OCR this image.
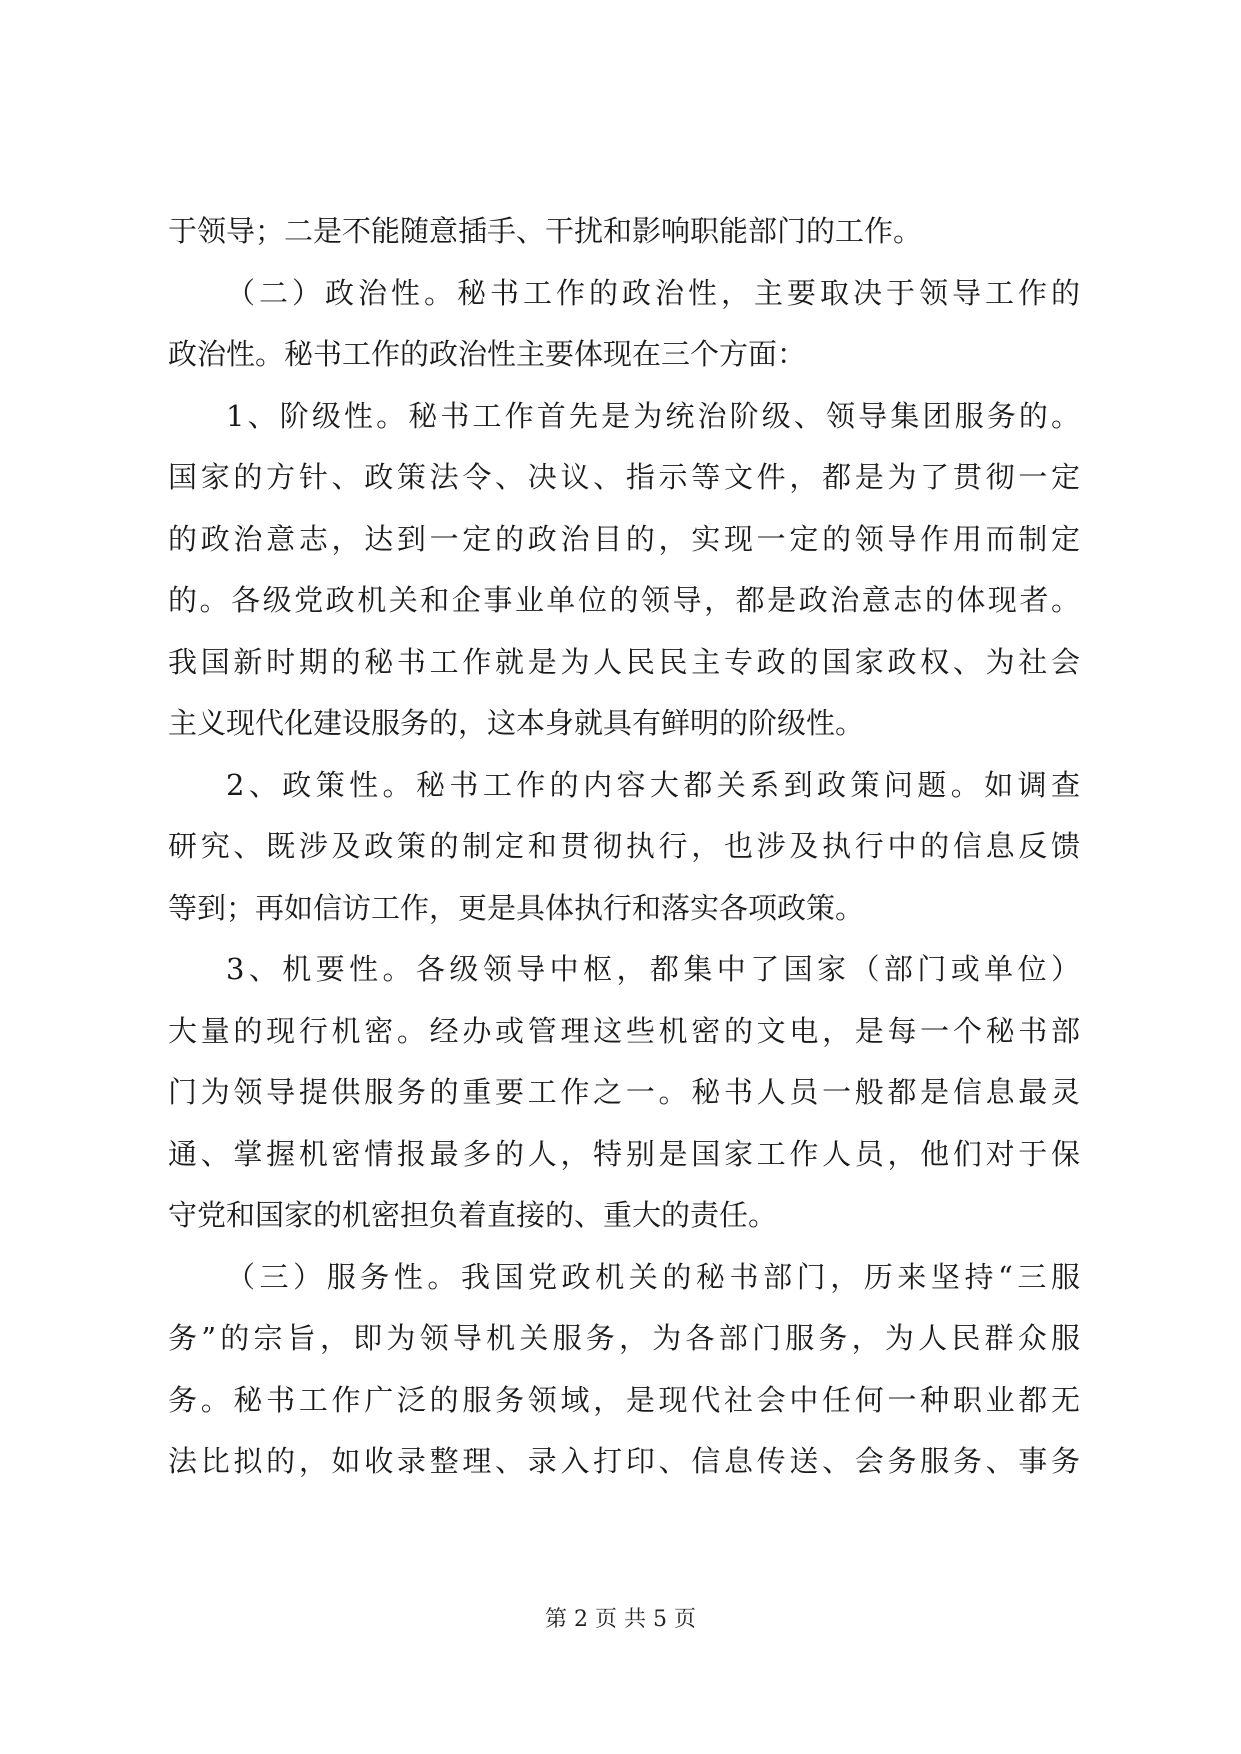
于领导；二是不能随意插手、干扰和影响职能部门的工作。
（二）政治性。秘书工作的政治性，主要取决于领导工作的
政治性。秘书工作的政治性主要体现在三个方面：
1、阶级性。秘书工作首先是为统治阶级、领导集团服务的。
国家的方针、政策法令、决议、指示等文件，都是为了贯彻一定
的政治意志，达到一定的政治目的，实现一定的领导作用而制定
的。各级党政机关和企事业单位的领导，都是政治意志的体现者。
我国新时期的秘书工作就是为人民民主专政的国家政权、为社会
主义现代化建设服务的，这本身就具有鲜明的阶级性。
2、政策性。秘书工作的内容大都关系到政策问题。如调查
研究、既涉及政策的制定和贯彻执行，也涉及执行中的信息反馈
等到；再如信访工作，更是具体执行和落实各项政策。
3、机要性。各级领导中枢，都集中了国家（部门或单位）
大量的现行机密。经办或管理这些机密的文电，是每一个秘书部
门为领导提供服务的重要工作之一。秘书人员一般都是信息最灵
通、掌握机密情报最多的人，特别是国家工作人员，他们对于保
守党和国家的机密担负着直接的、重大的责任。
（三）服务性。我国党政机关的秘书部门，历来坚持“三服
务”的宗旨，即为领导机关服务，为各部门服务，为人民群众服
务。秘书工作广泛的服务领域，是现代社会中任何一种职业都无
法比拟的，如收录整理、录入打印、信息传送、会务服务、事务
第 2 页 共 5 页
